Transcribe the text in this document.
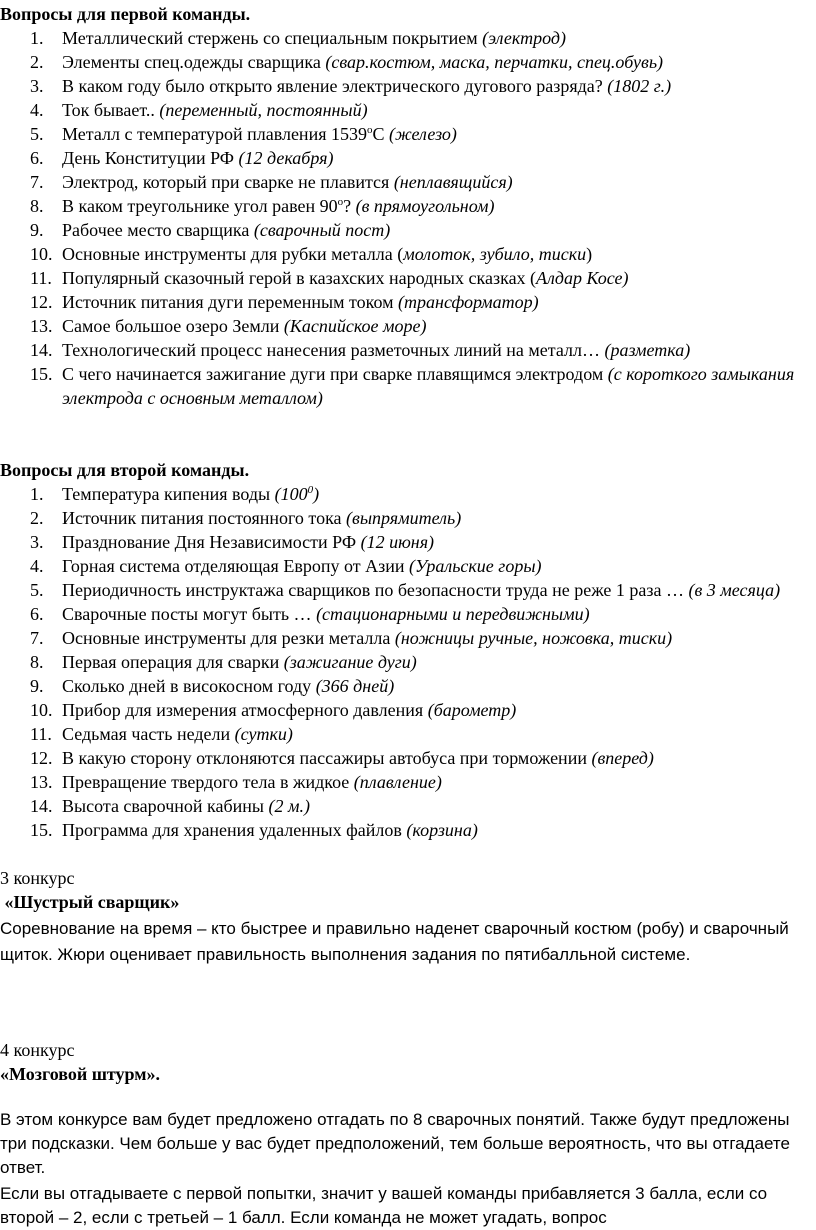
Вопросы для первой команды.
1. Металлический стержень со специальным покрытием (электрод)
2. Элементы спец.одежды сварщика (свар.костюм, маска, перчатки, спец.обувь)
3. В каком году было открыто явление электрического дугового разряда? (1802 г.)
4. Ток бывает.. (переменный, постоянный)
5. Металл с температурой плавления $1539^оС$ (железо)
6. День Конституции РФ (12 декабря)
7. Электрод, который при сварке не плавится (неплавящийся)
8. В каком треугольнике угол равен $90^о$? (в прямоугольном)
9. Рабочее место сварщика (сварочный пост)
10. Основные инструменты для рубки металла (молоток, зубило, тиски)
11. Популярный сказочный герой в казахских народных сказках (Алдар Косе)
12. Источник питания дуги переменным током (трансформатор)
13. Самое большое озеро Земли (Каспийское море)
14. Технологический процесс нанесения разметочных линий на металл… (разметка)
15. С чего начинается зажигание дуги при сварке плавящимся электродом (с короткого замыкания электрода с основным металлом)
Вопросы для второй команды.
1. Температура кипения воды $(100^0)$
2. Источник питания постоянного тока (выпрямитель)
3. Празднование Дня Независимости РФ (12 июня)
4. Горная система отделяющая Европу от Азии (Уральские горы)
5. Периодичность инструктажа сварщиков по безопасности труда не реже 1 раза … (в 3 месяца)
6. Сварочные посты могут быть … (стационарными и передвижными)
7. Основные инструменты для резки металла (ножницы ручные, ножовка, тиски)
8. Первая операция для сварки (зажигание дуги)
9. Сколько дней в високосном году (366 дней)
10. Прибор для измерения атмосферного давления (барометр)
11. Седьмая часть недели (сутки)
12. В какую сторону отклоняются пассажиры автобуса при торможении (вперед)
13. Превращение твердого тела в жидкое (плавление)
14. Высота сварочной кабины (2 м.)
15. Программа для хранения удаленных файлов (корзина)
3 конкурс
«Шустрый сварщик»
Соревнование на время – кто быстрее и правильно наденет сварочный костюм (робу) и сварочный щиток. Жюри оценивает правильность выполнения задания по пятибалльной системе.
4 конкурс
«Мозговой штурм».
В этом конкурсе вам будет предложено отгадать по 8 сварочных понятий. Также будут предложены три подсказки. Чем больше у вас будет предположений, тем больше вероятность, что вы отгадаете ответ.
Если вы отгадываете с первой попытки, значит у вашей команды прибавляется 3 балла, если со второй – 2, если с третьей – 1 балл. Если команда не может угадать, вопрос
